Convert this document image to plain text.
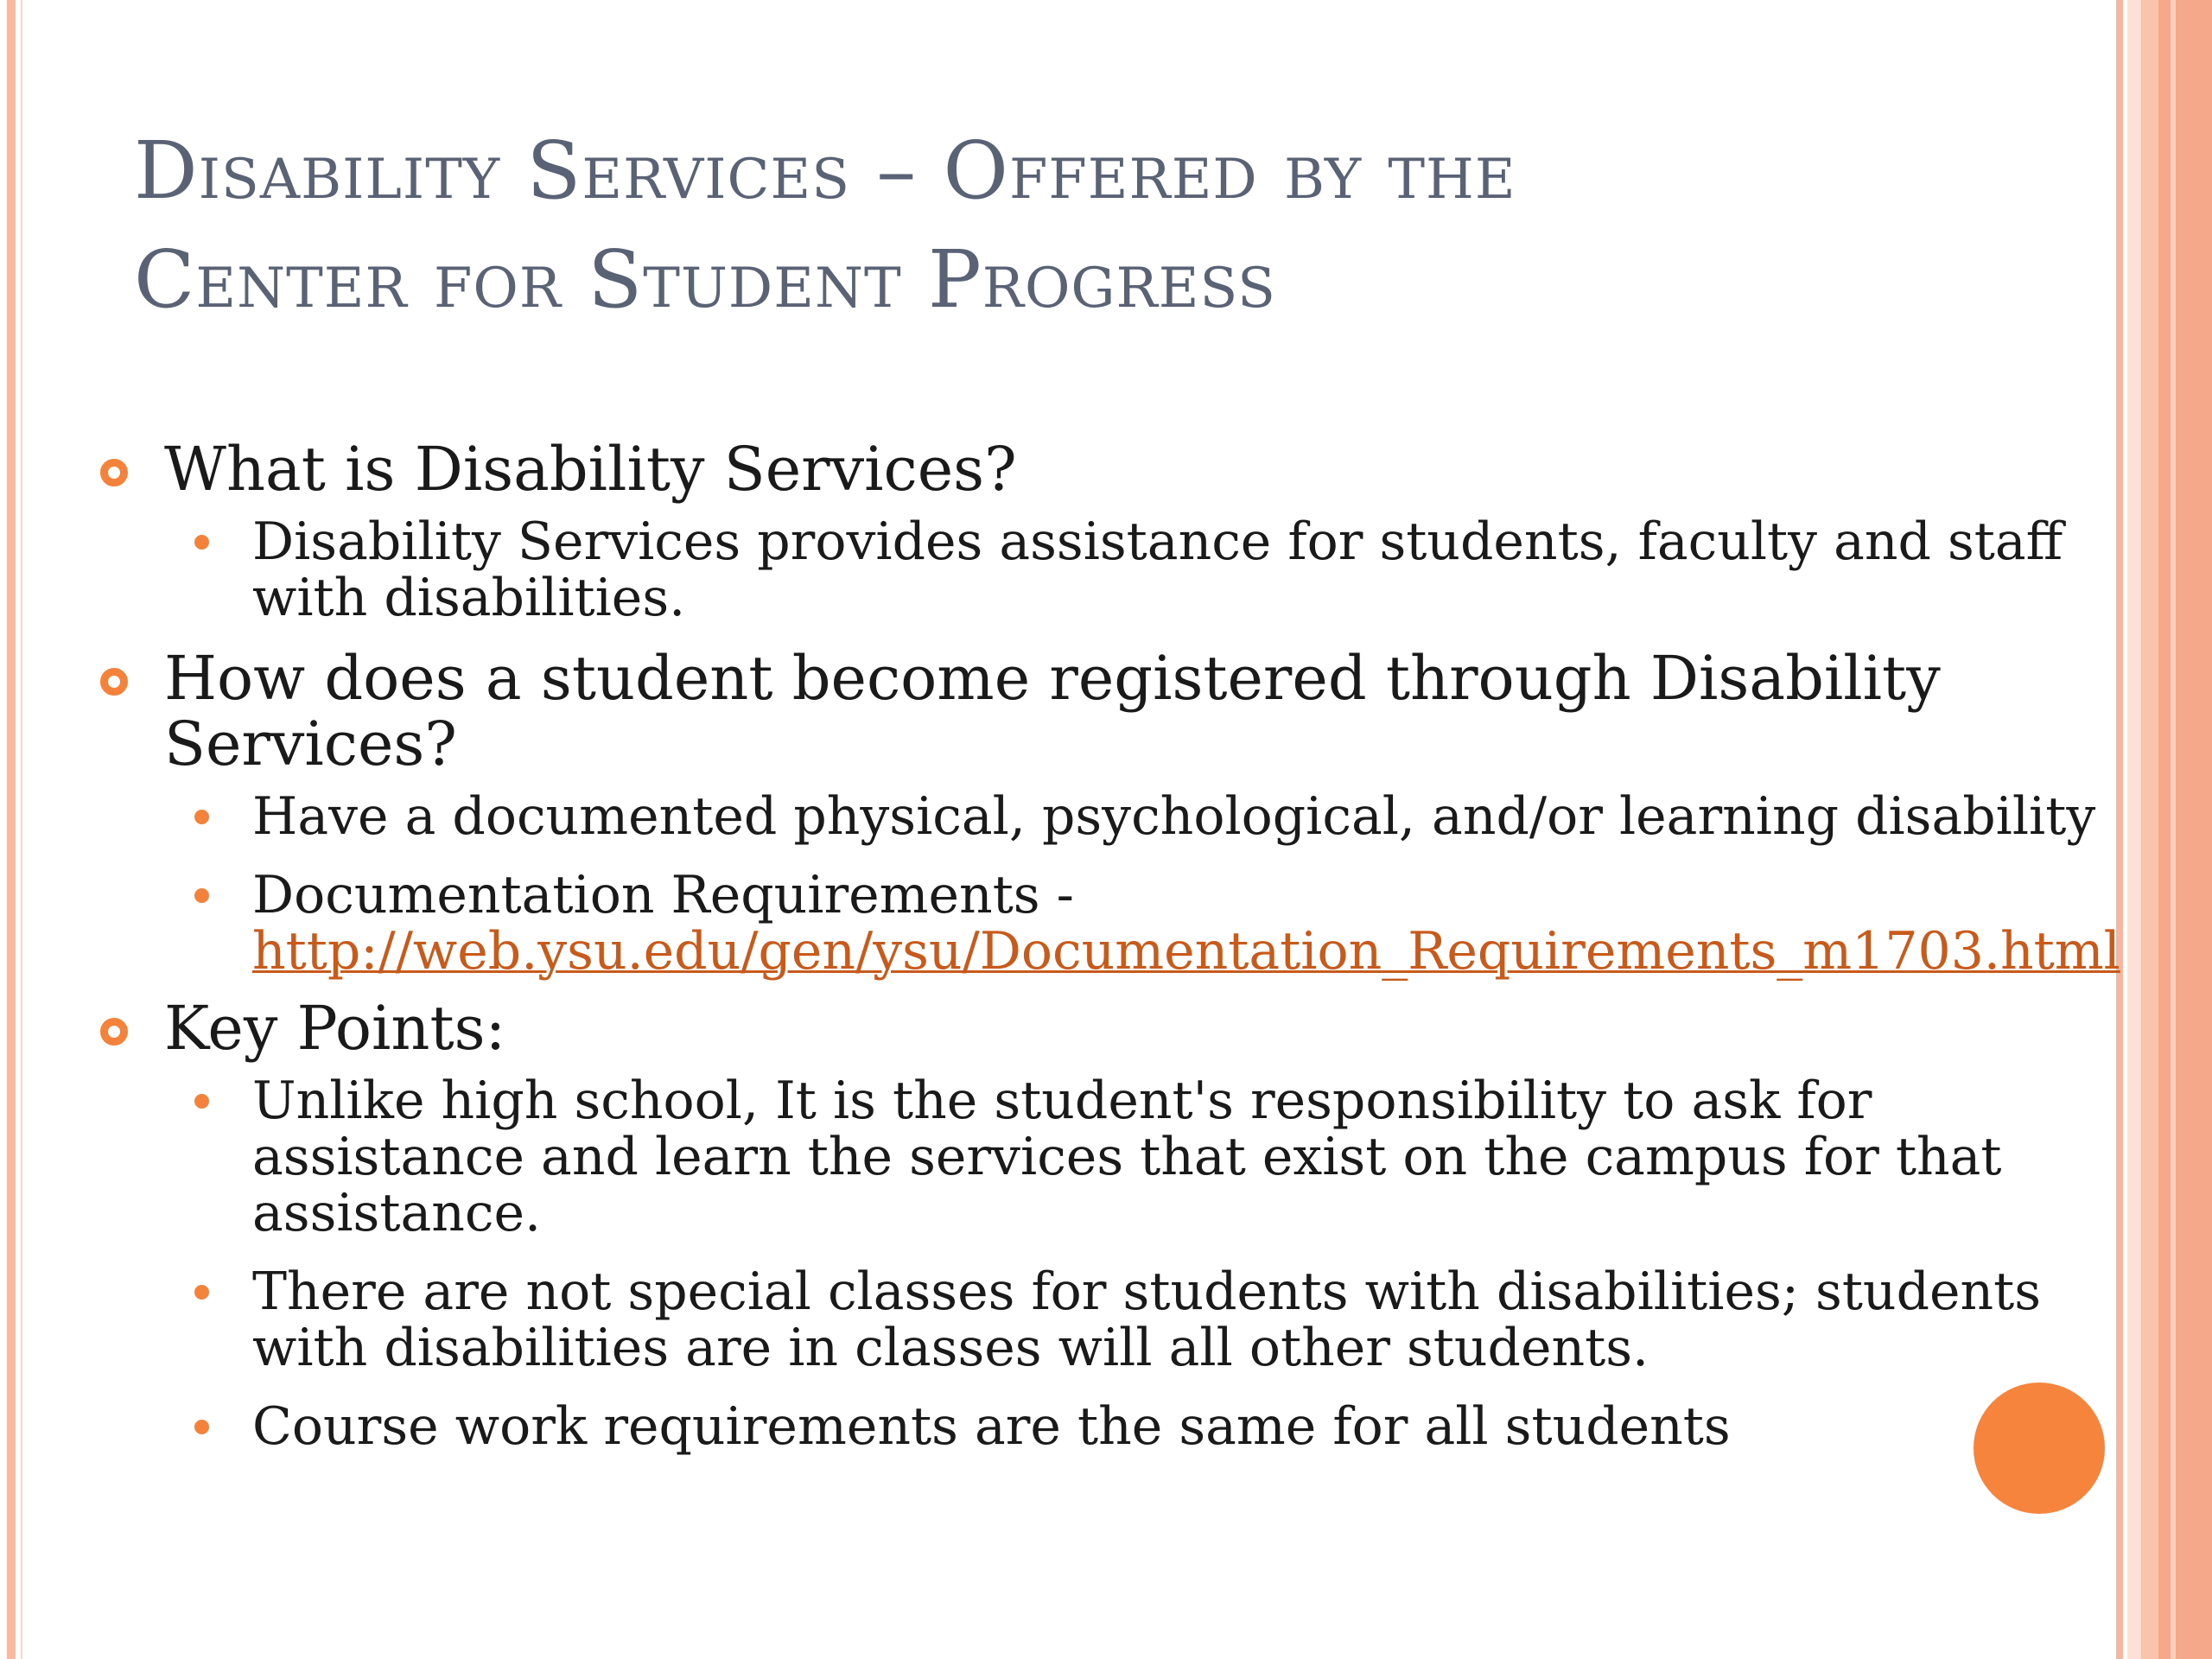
Disability Services – Offered by the
Center for Student Progress

What is Disability Services?

Disability Services provides assistance for students, faculty and staff with disabilities.

How does a student become registered through Disability Services?

Have a documented physical, psychological, and/or learning disability

Documentation Requirements -
http://web.ysu.edu/gen/ysu/Documentation_Requirements_m1703.html

Key Points:

Unlike high school, It is the student's responsibility to ask for assistance and learn the services that exist on the campus for that assistance.

There are not special classes for students with disabilities; students with disabilities are in classes will all other students.

Course work requirements are the same for all students
